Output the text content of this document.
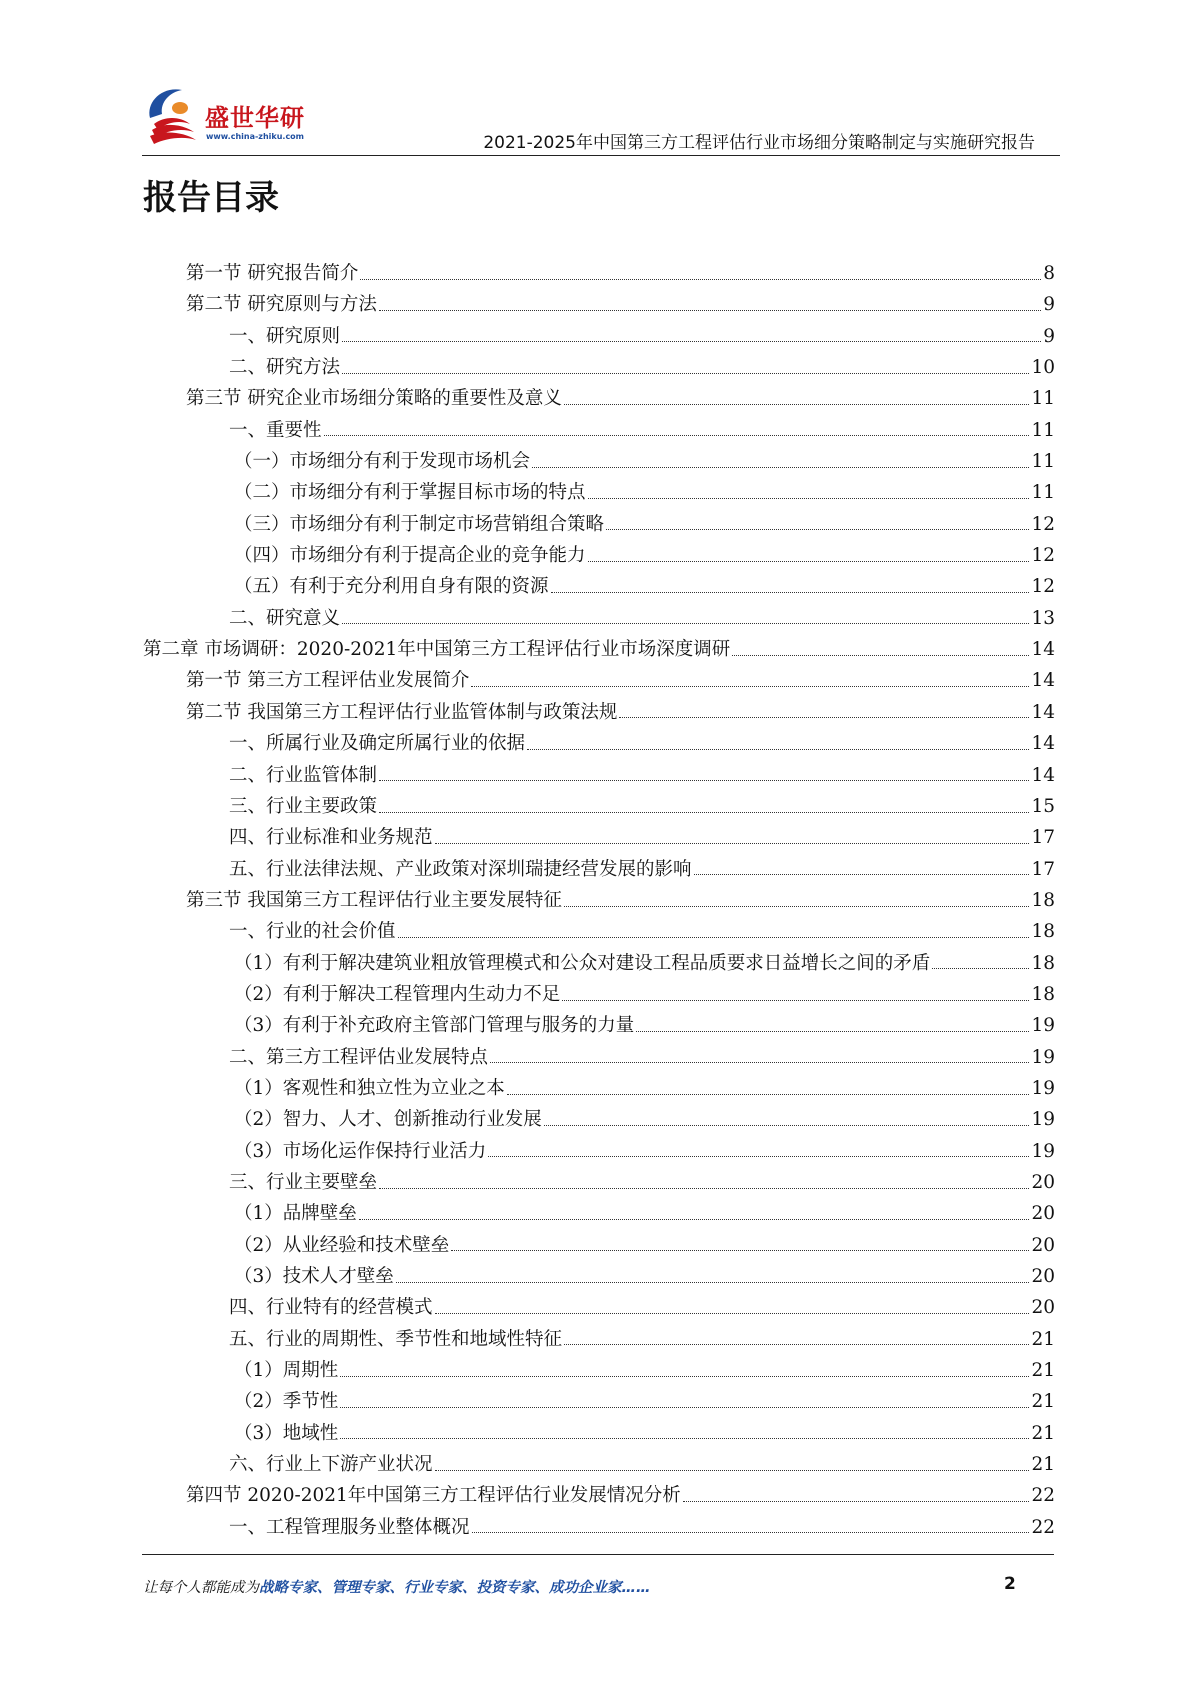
盛世华研
www.china-zhiku.com	2021-2025年中国第三方工程评估行业市场细分策略制定与实施研究报告
报告目录
第一节 研究报告简介	8
第二节 研究原则与方法	9
一、研究原则	9
二、研究方法	10
第三节 研究企业市场细分策略的重要性及意义	11
一、重要性	11
（一）市场细分有利于发现市场机会	11
（二）市场细分有利于掌握目标市场的特点	11
（三）市场细分有利于制定市场营销组合策略	12
（四）市场细分有利于提高企业的竞争能力	12
（五）有利于充分利用自身有限的资源	12
二、研究意义	13
第二章 市场调研：2020-2021年中国第三方工程评估行业市场深度调研	14
第一节 第三方工程评估业发展简介	14
第二节 我国第三方工程评估行业监管体制与政策法规	14
一、所属行业及确定所属行业的依据	14
二、行业监管体制	14
三、行业主要政策	15
四、行业标准和业务规范	17
五、行业法律法规、产业政策对深圳瑞捷经营发展的影响	17
第三节 我国第三方工程评估行业主要发展特征	18
一、行业的社会价值	18
（1）有利于解决建筑业粗放管理模式和公众对建设工程品质要求日益增长之间的矛盾	18
（2）有利于解决工程管理内生动力不足	18
（3）有利于补充政府主管部门管理与服务的力量	19
二、第三方工程评估业发展特点	19
（1）客观性和独立性为立业之本	19
（2）智力、人才、创新推动行业发展	19
（3）市场化运作保持行业活力	19
三、行业主要壁垒	20
（1）品牌壁垒	20
（2）从业经验和技术壁垒	20
（3）技术人才壁垒	20
四、行业特有的经营模式	20
五、行业的周期性、季节性和地域性特征	21
（1）周期性	21
（2）季节性	21
（3）地域性	21
六、行业上下游产业状况	21
第四节 2020-2021年中国第三方工程评估行业发展情况分析	22
一、工程管理服务业整体概况	22
让每个人都能成为战略专家、管理专家、行业专家、投资专家、成功企业家……	2
